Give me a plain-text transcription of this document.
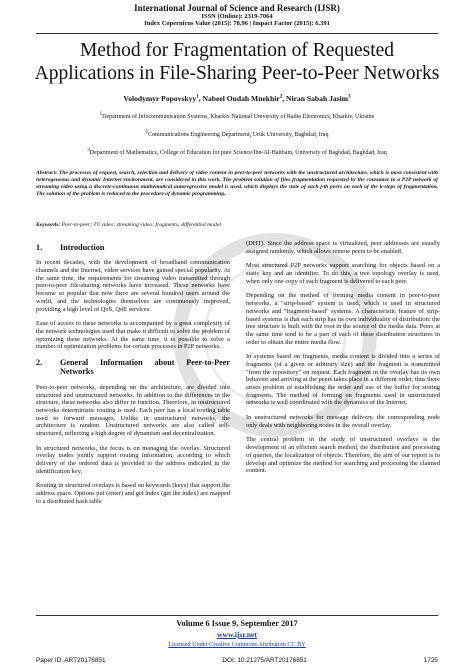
International Journal of Science and Research (IJSR)
ISSN (Online): 2319-7064
Index Copernicus Value (2015): 78.96 | Impact Factor (2015): 6.391
Method for Fragmentation of Requested
Applications in File-Sharing Peer-to-Peer Networks
Volodymyr Popovskyy$^1$, Nabeel Oudah Mnekhir$^2$, Niran Sabah Jasim$^3$
$^1$Department of Infocommunication Systems, Kharkiv National University of Radio Electronics, Kharkiv, Ukraine
$^2$Communications Engineering Department, Uruk University, Baghdad, Iraq
$^3$Department of Mathematics, College of Education for pure Science/Ibn-Al-Haitham, University of Baghdad, Baghdad, Iraq
Abstract: The processes of request, search, selection and delivery of video content in peer-to-peer networks with the unstructured architecture, which is most consistent with heterogeneous and dynamic Internet environment, are considered in this work. The problem solution of files fragmentation requested by the consumer in a P2P network of streaming video using a discrete-continuous mathematical autoregressive model is used, which displays the state of each j-th peers on each of the k-steps of fragmentation. The solution of the problem is reduced to the procedure of dynamic programming.
Keywords: Peer-to-peer; TV video; streaming video; fragments; differential model
1.	Introduction

In recent decades, with the development of broadband communication channels and the Internet, video services have gained special popularity. At the same time, the requirements for streaming video transmitted through peer-to-peer file-sharing networks have increased. These networks have become so popular that now there are several hundred users around the world, and the technologies themselves are continuously improved, providing a high level of QoS, QoE services.

Ease of access to these networks is accompanied by a great complexity of the network technologies used that make it difficult to solve the problem of optimizing these networks. At the same time, it is possible to solve a number of optimization problems for certain processes in P2P networks.

2.	General Information about Peer-to-Peer Networks

Peer-to-peer networks, depending on the architecture, are divided into structured and unstructured networks. In addition to the differences in the structure, these networks also differ in function. Therefore, in unstructured networks deterministic routing is used. Each peer has a local routing table used to forward messages. Unlike in unstructured networks, the architecture is random. Unstructured networks are also called self-structured, reflecting a high degree of dynamism and decentralization.

In structured networks, the focus is on managing the overlay. Structured overlay nodes jointly support routing information, according to which delivery of the ordered data is provided to the address indicated in the identification key.

Routing in structured overlays is based on keywords (keys) that support the address space. Options put (enter) and get index (get the index) are mapped to a distributed hash table

(DHT). Since the address space is virtualized, peer addresses are usually assigned randomly, which allows remote peers to be enabled.

Most structured P2P networks support searching for objects based on a static key and an identifier. To do this, a tree topology overlay is used, when only one copy of each fragment is delivered to each peer.

Depending on the method of forming media content in peer-to-peer networks, a "strip-based" system is used, which is used in structured networks and "fragment-based" systems. A characteristic feature of strip-based systems is that each strip has its own individuality of distribution: the tree structure is built with the root in the source of the media data. Peers at the same time tend to be a part of each of these distribution structures in order to obtain the entire media flow.

In systems based on fragments, media content is divided into a series of fragments (of a given or arbitrary size) and the fragment is transmitted "from the repository" on request. Each fragment in the overlay has its own behavior and arriving at the peers takes place in a different order, thus there arises problem of establishing the order and use of the buffer for storing fragments. The method of forming on fragments used in unstructured networks is well coordinated with the dynamics of the Internet.

In unstructured networks for message delivery, the corresponding node only deals with neighboring nodes in the overall overlay.

The central problem in the study of unstructured overlays is the development of an efficient search method, the distribution and processing of queries, the localization of objects. Therefore, the aim of our report is to develop and optimize the method for searching and processing the claimed content.

Volume 6 Issue 9, September 2017
www.ijsr.net
Licensed Under Creative Commons Attribution CC BY
Paper ID: ART20176851	DOI: 10.21275/ART20176851	1725
